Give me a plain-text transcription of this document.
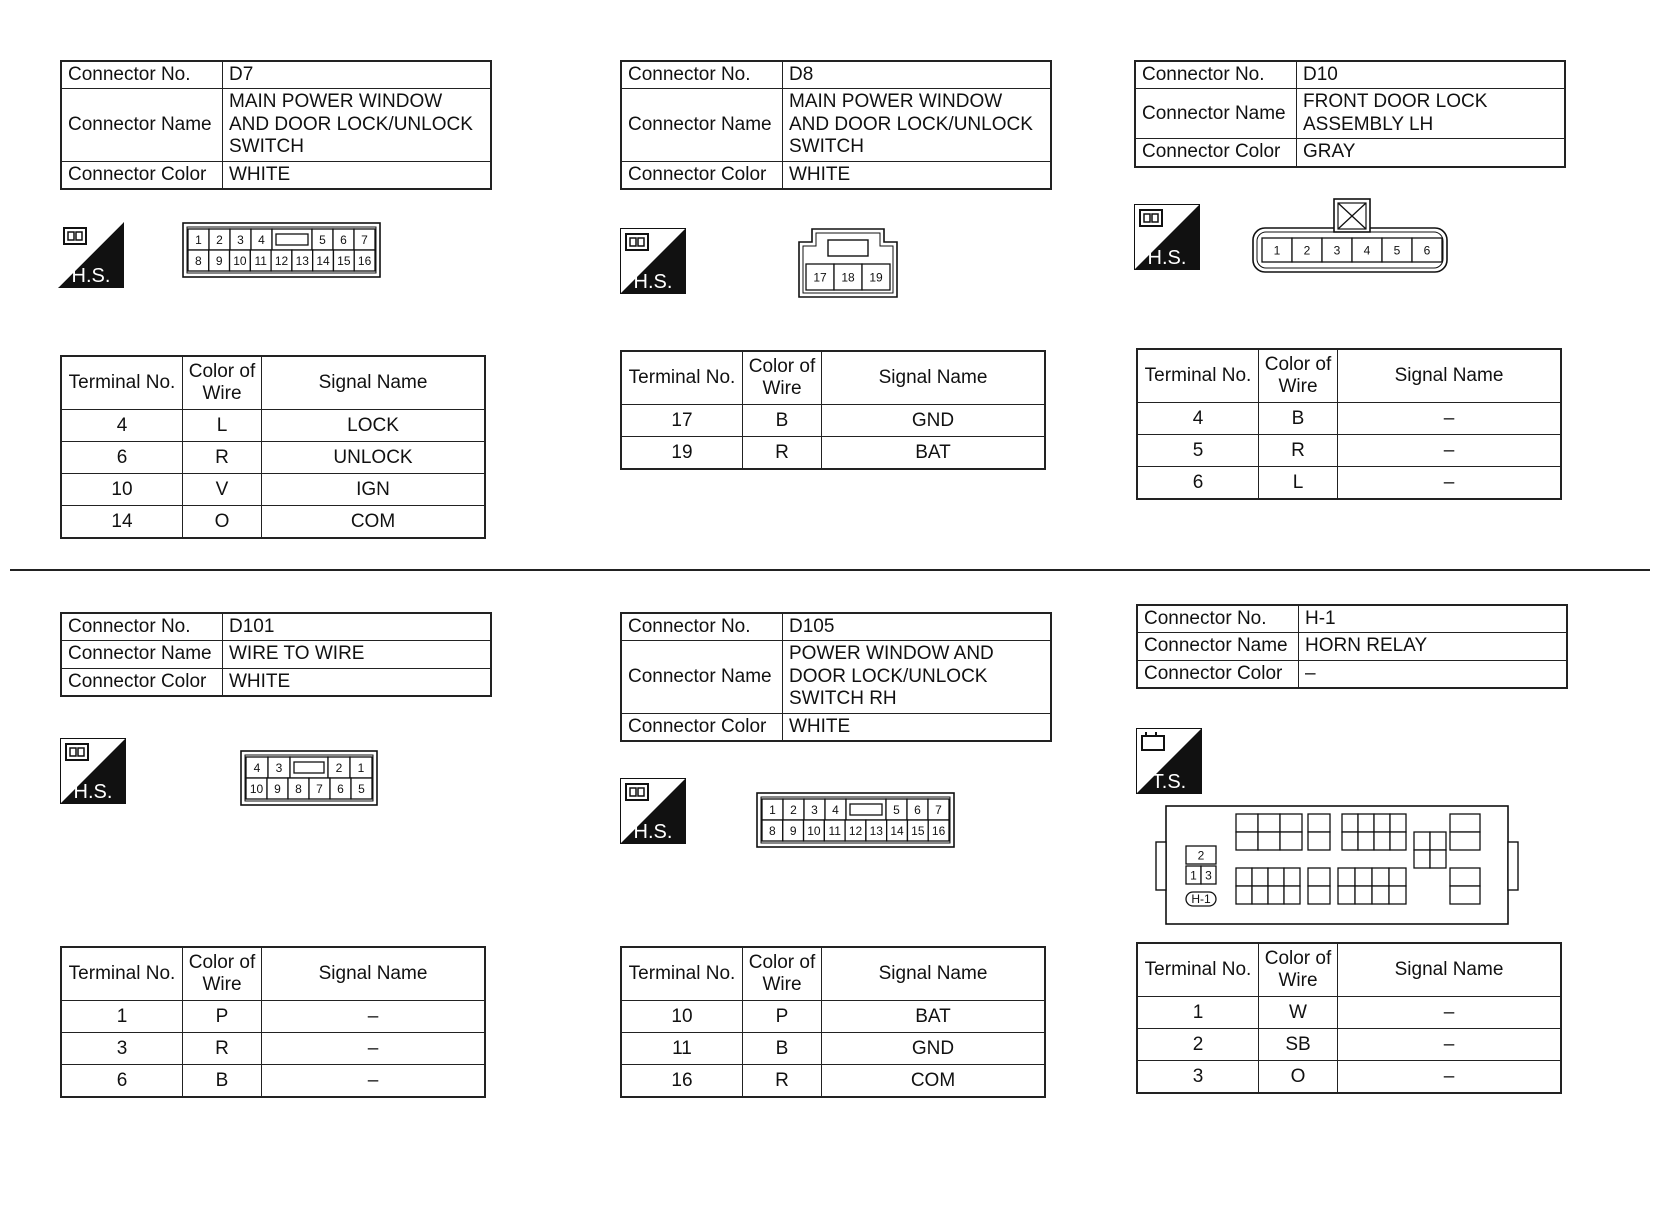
Connector No.	D7
Connector Name	MAIN POWER WINDOW AND DOOR LOCK/UNLOCK SWITCH
Connector Color	WHITE
H.S.
1 2 3 4	5 6 7
8 9 10 11 12 13 14 15 16
Terminal No.	Color of Wire	Signal Name
4	L	LOCK
6	R	UNLOCK
10	V	IGN
14	O	COM
Connector No.	D8
Connector Name	MAIN POWER WINDOW AND DOOR LOCK/UNLOCK SWITCH
Connector Color	WHITE
H.S.	17 18 19
Terminal No.	Color of Wire	Signal Name
17	B	GND
19	R	BAT
Connector No.	D10
Connector Name	FRONT DOOR LOCK ASSEMBLY LH
Connector Color	GRAY
H.S.	1 2 3 4 5 6
Terminal No.	Color of Wire	Signal Name
4	B	–
5	R	–
6	L	–
Connector No.	D101
Connector Name	WIRE TO WIRE
Connector Color	WHITE
H.S.
4 3	2 1
10 9 8 7 6 5
Terminal No.	Color of Wire	Signal Name
1	P	–
3	R	–
6	B	–
Connector No.	D105
Connector Name	POWER WINDOW AND DOOR LOCK/UNLOCK SWITCH RH
Connector Color	WHITE
H.S.
1 2 3 4	5 6 7
8 9 10 11 12 13 14 15 16
Terminal No.	Color of Wire	Signal Name
10	P	BAT
11	B	GND
16	R	COM
Connector No.	H-1
Connector Name	HORN RELAY
Connector Color	–
T.S.
2
1 3
H-1
Terminal No.	Color of Wire	Signal Name
1	W	–
2	SB	–
3	O	–
